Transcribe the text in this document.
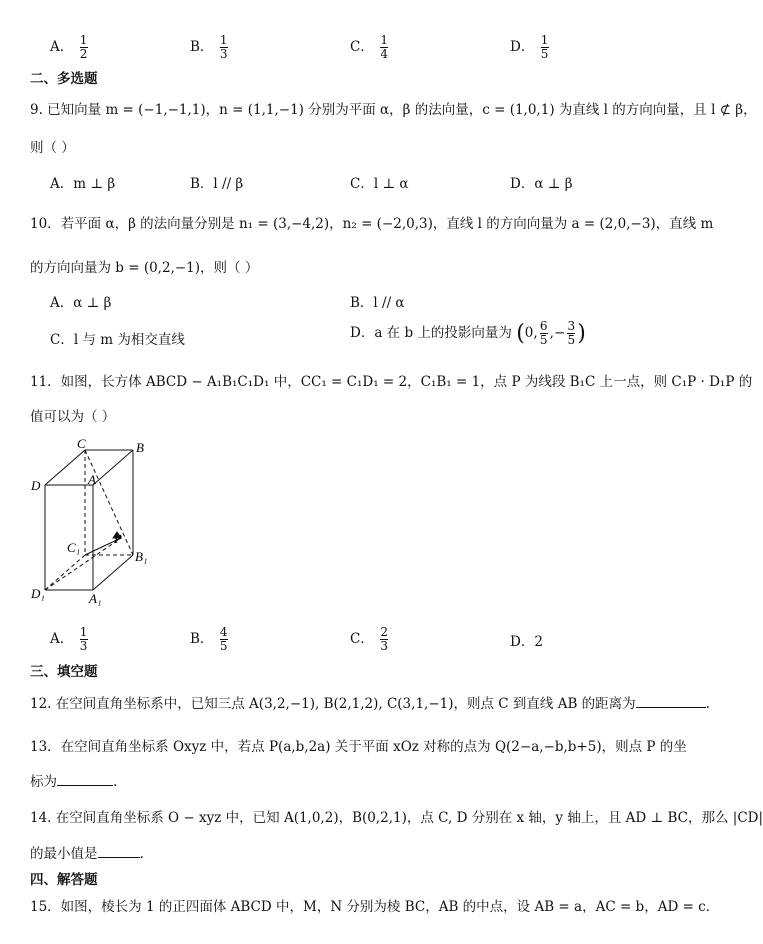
A． $\frac{1}{2}$	B． $\frac{1}{3}$	C． $\frac{1}{4}$	D． $\frac{1}{5}$
二、多选题
9. 已知向量 m = (−1,−1,1)，n = (1,1,−1) 分别为平面 α，β 的法向量，c = (1,0,1) 为直线 l 的方向向量，且 l ⊄ β，
则（ ）
A．m ⊥ β	B．l // β	C．l ⊥ α	D．α ⊥ β
10．若平面 α，β 的法向量分别是 n₁ = (3,−4,2)，n₂ = (−2,0,3)，直线 l 的方向向量为 a = (2,0,−3)，直线 m
的方向向量为 b = (0,2,−1)，则（ ）
A．α ⊥ β	B．l // α
C．l 与 m 为相交直线	D．a 在 b 上的投影向量为 (0, $\frac{6}{5}$ ,− $\frac{3}{5}$ )
11．如图，长方体 ABCD − A₁B₁C₁D₁ 中，CC₁ = C₁D₁ = 2，C₁B₁ = 1，点 P 为线段 B₁C 上一点，则 C₁P · D₁P 的
值可以为（ ）
C	B
D	A
C₁
P
B₁
D₁	A₁
A． $\frac{1}{3}$	B． $\frac{4}{5}$	C． $\frac{2}{3}$	D．2
三、填空题
12. 在空间直角坐标系中，已知三点 A(3,2,−1), B(2,1,2), C(3,1,−1)，则点 C 到直线 AB 的距离为	.
13．在空间直角坐标系 Oxyz 中，若点 P(a,b,2a) 关于平面 xOz 对称的点为 Q(2−a,−b,b+5)，则点 P 的坐
标为	.
14. 在空间直角坐标系 O − xyz 中，已知 A(1,0,2)，B(0,2,1)，点 C, D 分别在 x 轴，y 轴上，且 AD ⊥ BC，那么 |CD|
的最小值是	.
四、解答题
15．如图，棱长为 1 的正四面体 ABCD 中，M，N 分别为棱 BC，AB 的中点，设 AB = a，AC = b，AD = c．
